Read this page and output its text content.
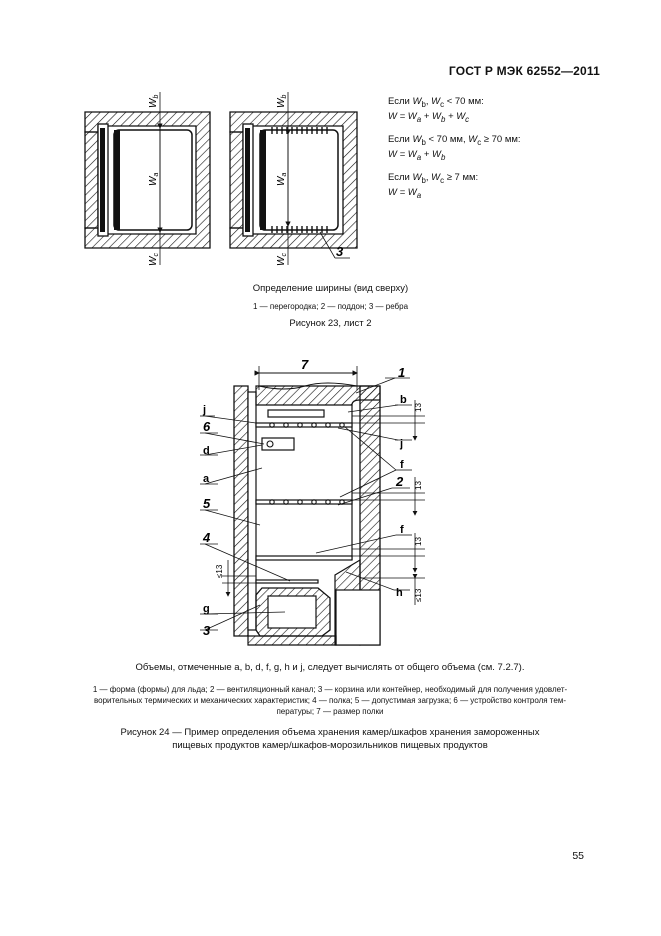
ГОСТ Р МЭК 62552—2011
$W_b$
$W_a$
$W_c$
$W_b$
$W_a$
$W_c$	3
7
13
13
13
≤13
≤13
1
b
j
f
2
f
h
j
6
d
a
5
4
g
3
Если $W_b$, $W_c < 70$ мм:
$W = W_a + W_b + W_c$
Если $W_b < 70$ мм, $W_c \ge 70$ мм:
$W = W_a + W_b$
Если $W_b$, $W_c \ge 7$ мм:
$W = W_a$
Определение ширины (вид сверху)
1 — перегородка; 2 — поддон; 3 — ребра
Рисунок 23, лист 2
Объемы, отмеченные a, b, d, f, g, h и j, следует вычислять от общего объема (см. 7.2.7).
1 — форма (формы) для льда; 2 — вентиляционный канал; 3 — корзина или контейнер, необходимый для получения удовлет-
ворительных термических и механических характеристик; 4 — полка; 5 — допустимая загрузка; 6 — устройство контроля тем-
пературы; 7 — размер полки
Рисунок 24 — Пример определения объема хранения камер/шкафов хранения замороженных
пищевых продуктов камер/шкафов-морозильников пищевых продуктов
55
